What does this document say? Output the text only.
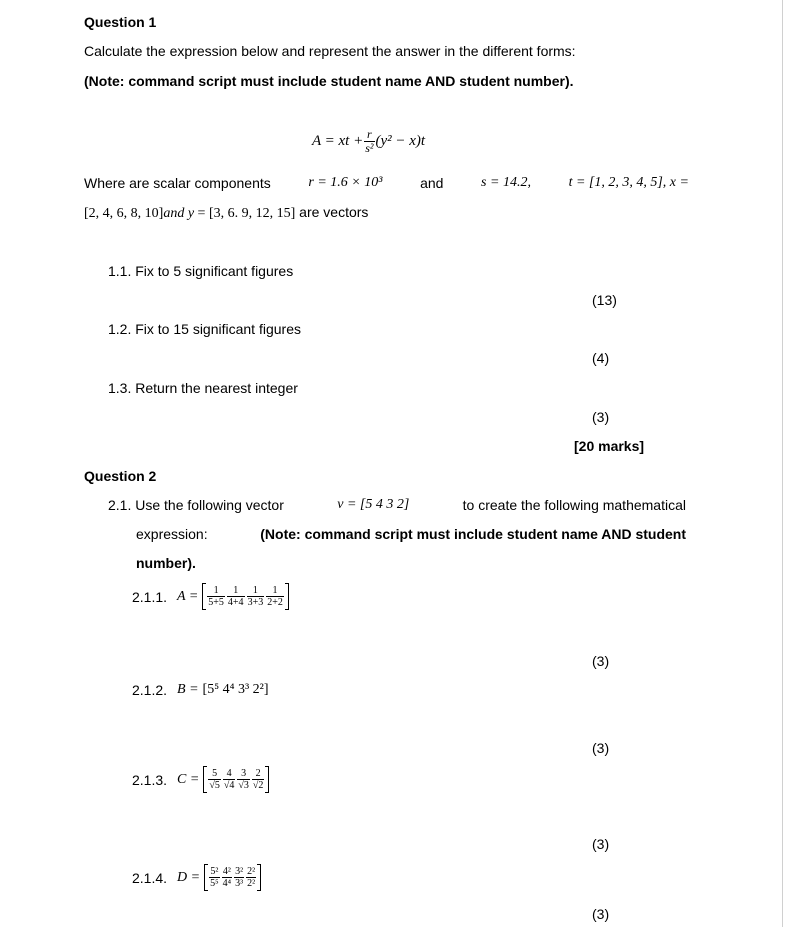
Question 1
Calculate the expression below and represent the answer in the different forms:
(Note: command script must include student name AND student number).
A = xt + $\frac{r}{\text{s²}} (y^2 - x)t$
Where are scalar components	r = 1.6 × 10³	and	s = 14.2,	t = [1, 2, 3, 4, 5], x =
[2, 4, 6, 8, 10]and y = [3, 6. 9, 12, 15] are vectors
1.1. Fix to 5 significant figures
(13)
1.2. Fix to 15 significant figures
(4)
1.3. Return the nearest integer
(3)
[20 marks]
Question 2
2.1. Use the following vector	v = [5 4 3 2]	to create the following mathematical
expression:	(Note: command script must include student name AND student
number).
2.1.1. $A = \frac{1}{5+5} \frac{1}{4+4} \frac{1}{3+3} \frac{1}{2+2}$
(3)
2.1.2. B = [5⁵ 4⁴ 3³ 2²]
(3)
2.1.3. $C = \frac{5}{√5} \frac{4}{√4} \frac{3}{√3} \frac{2}{√2}$
(3)
2.1.4. $D = \frac{\text{5²}}{\text{5⁵}} \frac{\text{4²}}{\text{4⁴}} \frac{\text{3²}}{\text{3³}} \frac{\text{2²}}{\text{2²}}$
(3)
